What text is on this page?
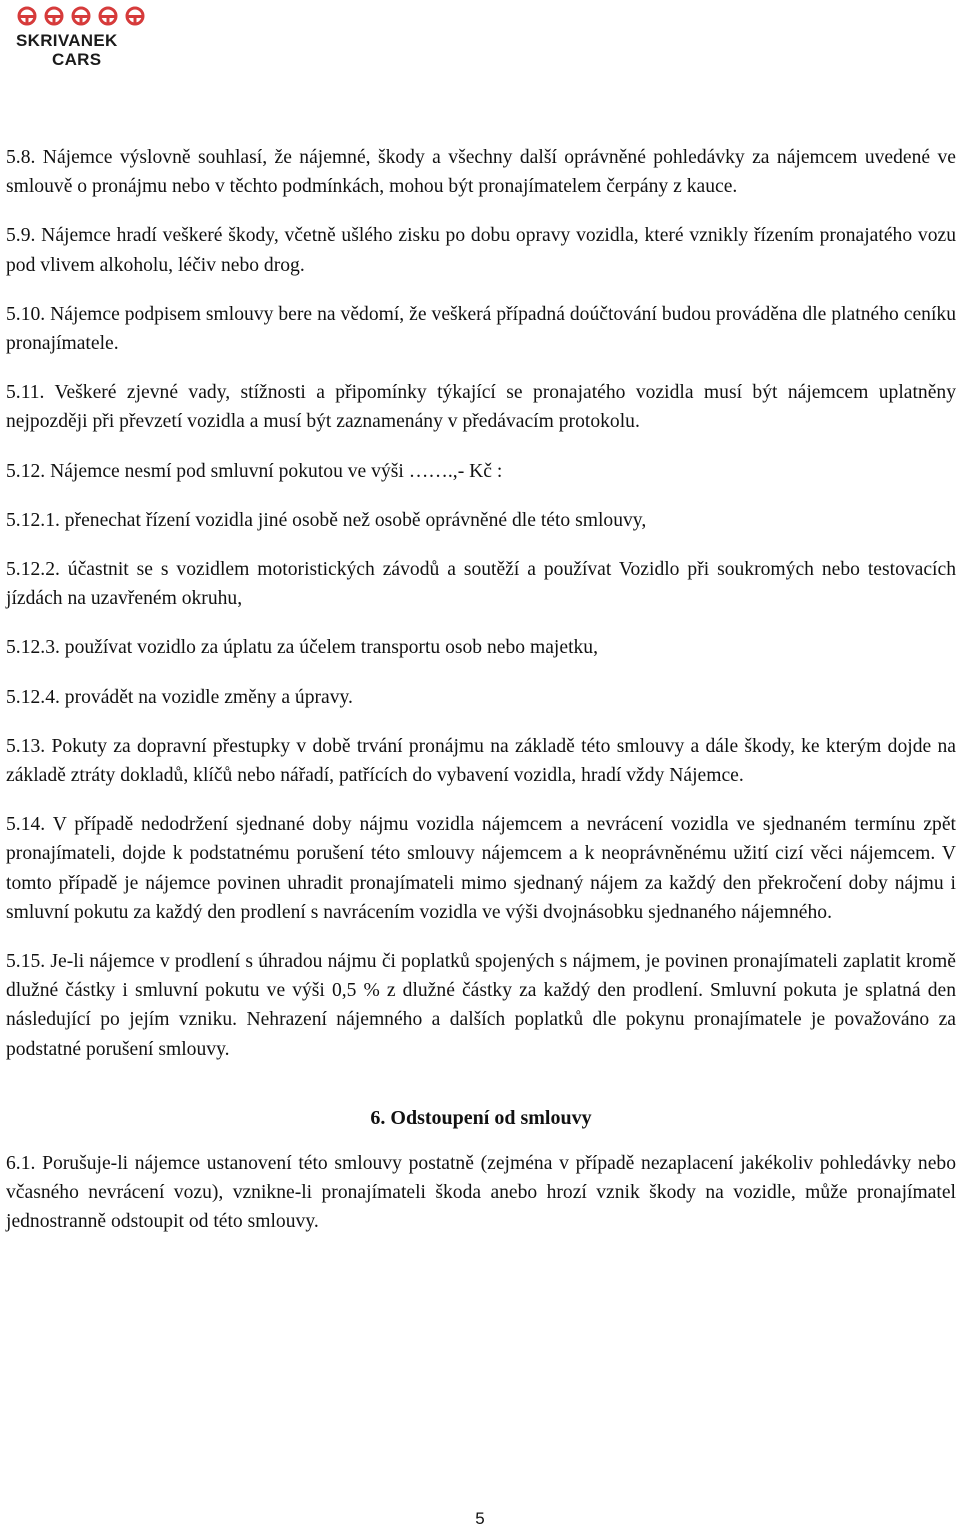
SKRIVANEK
CARS

5.8. Nájemce výslovně souhlasí, že nájemné, škody a všechny další oprávněné pohledávky za nájemcem uvedené ve smlouvě o pronájmu nebo v těchto podmínkách, mohou být pronajímatelem čerpány z kauce.

5.9. Nájemce hradí veškeré škody, včetně ušlého zisku po dobu opravy vozidla, které vznikly řízením pronajatého vozu pod vlivem alkoholu, léčiv nebo drog.

5.10. Nájemce podpisem smlouvy bere na vědomí, že veškerá případná doúčtování budou prováděna dle platného ceníku pronajímatele.

5.11. Veškeré zjevné vady, stížnosti a připomínky týkající se pronajatého vozidla musí být nájemcem uplatněny nejpozději při převzetí vozidla a musí být zaznamenány v předávacím protokolu.

5.12. Nájemce nesmí pod smluvní pokutou ve výši …….,- Kč :

5.12.1. přenechat řízení vozidla jiné osobě než osobě oprávněné dle této smlouvy,

5.12.2. účastnit se s vozidlem motoristických závodů a soutěží a používat Vozidlo při soukromých nebo testovacích jízdách na uzavřeném okruhu,

5.12.3. používat vozidlo za úplatu za účelem transportu osob nebo majetku,

5.12.4. provádět na vozidle změny a úpravy.

5.13. Pokuty za dopravní přestupky v době trvání pronájmu na základě této smlouvy a dále škody, ke kterým dojde na základě ztráty dokladů, klíčů nebo nářadí, patřících do vybavení vozidla, hradí vždy Nájemce.

5.14. V případě nedodržení sjednané doby nájmu vozidla nájemcem a nevrácení vozidla ve sjednaném termínu zpět pronajímateli, dojde k podstatnému porušení této smlouvy nájemcem a k neoprávněnému užití cizí věci nájemcem. V tomto případě je nájemce povinen uhradit pronajímateli mimo sjednaný nájem za každý den překročení doby nájmu i smluvní pokutu za každý den prodlení s navrácením vozidla ve výši dvojnásobku sjednaného nájemného.

5.15. Je-li nájemce v prodlení s úhradou nájmu či poplatků spojených s nájmem, je povinen pronajímateli zaplatit kromě dlužné částky i smluvní pokutu ve výši 0,5 % z dlužné částky za každý den prodlení. Smluvní pokuta je splatná den následující po jejím vzniku. Nehrazení nájemného a dalších poplatků dle pokynu pronajímatele je považováno za podstatné porušení smlouvy.

6. Odstoupení od smlouvy

6.1. Porušuje-li nájemce ustanovení této smlouvy postatně (zejména v případě nezaplacení jakékoliv pohledávky nebo včasného nevrácení vozu), vznikne-li pronajímateli škoda anebo hrozí vznik škody na vozidle, může pronajímatel jednostranně odstoupit od této smlouvy.

5
